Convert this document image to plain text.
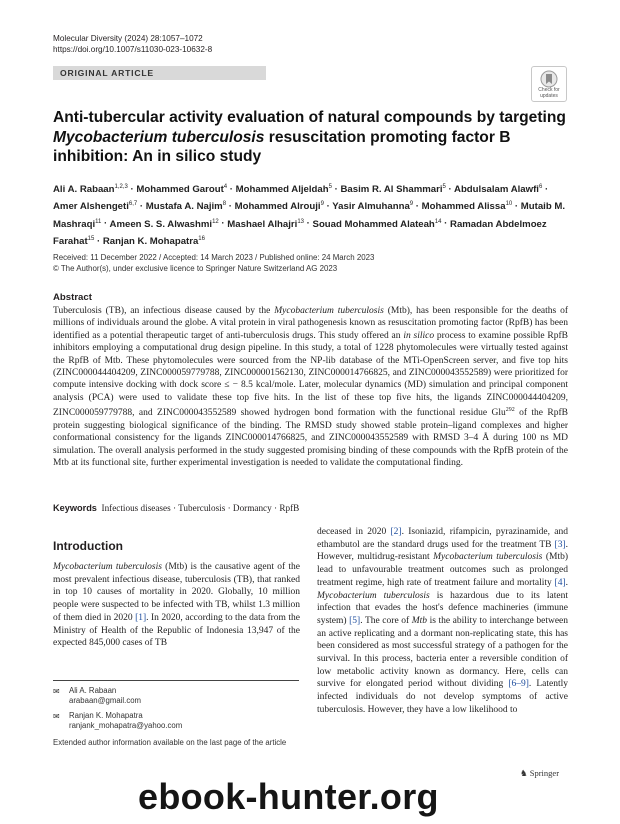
Molecular Diversity (2024) 28:1057–1072
https://doi.org/10.1007/s11030-023-10632-8
ORIGINAL ARTICLE
Check for
updates
Anti-tubercular activity evaluation of natural compounds by targeting Mycobacterium tuberculosis resuscitation promoting factor B inhibition: An in silico study
Ali A. Rabaan$^{1,2,3}$ · Mohammed Garout$^4$ · Mohammed Aljeldah$^5$ · Basim R. Al Shammari$^5$ · Abdulsalam Alawfi$^6$ · Amer Alshengeti$^{6,7}$ · Mustafa A. Najim$^8$ · Mohammed Alrouji$^9$ · Yasir Almuhanna$^9$ · Mohammed Alissa$^{10}$ · Mutaib M. Mashraqi$^{11}$ · Ameen S. S. Alwashmi$^{12}$ · Mashael Alhajri$^{13}$ · Souad Mohammed Alateah$^{14}$ · Ramadan Abdelmoez Farahat$^{15}$ · Ranjan K. Mohapatra$^{16}$
Received: 11 December 2022 / Accepted: 14 March 2023 / Published online: 24 March 2023
© The Author(s), under exclusive licence to Springer Nature Switzerland AG 2023
Abstract
Tuberculosis (TB), an infectious disease caused by the Mycobacterium tuberculosis (Mtb), has been responsible for the deaths of millions of individuals around the globe. A vital protein in viral pathogenesis known as resuscitation promoting factor (RpfB) has been identified as a potential therapeutic target of anti-tuberculosis drugs. This study offered an in silico process to examine possible RpfB inhibitors employing a computational drug design pipeline. In this study, a total of 1228 phytomolecules were virtually tested against the RpfB of Mtb. These phytomolecules were sourced from the NP-lib database of the MTi-OpenScreen server, and five top hits (ZINC000044404209, ZINC000059779788, ZINC000001562130, ZINC000014766825, and ZINC000043552589) were prioritized for compute intensive docking with dock score ≤ − 8.5 kcal/mole. Later, molecular dynamics (MD) simulation and principal component analysis (PCA) were used to validate these top five hits. In the list of these top five hits, the ligands ZINC000044404209, ZINC000059779788, and ZINC000043552589 showed hydrogen bond formation with the functional residue Glu$^{292}$ of the RpfB protein suggesting biological significance of the binding. The RMSD study showed stable protein–ligand complexes and higher conformational consistency for the ligands ZINC000014766825, and ZINC000043552589 with RMSD 3–4 Å during 100 ns MD simulation. The overall analysis performed in the study suggested promising binding of these compounds with the RpfB protein of the Mtb at its functional site, further experimental investigation is needed to validate the computational finding.
Keywords Infectious diseases · Tuberculosis · Dormancy · RpfB
Introduction

Mycobacterium tuberculosis (Mtb) is the causative agent of the most prevalent infectious disease, tuberculosis (TB), that ranked in top 10 causes of mortality in 2020. Globally, 10 million people were suspected to be infected with TB, whilst 1.3 million of them died in 2020 [1]. In 2020, according to the data from the Ministry of Health of the Republic of Indonesia 13,947 of the expected 845,000 cases of TB

deceased in 2020 [2]. Isoniazid, rifampicin, pyrazinamide, and ethambutol are the standard drugs used for the treatment TB [3]. However, multidrug-resistant Mycobacterium tuberculosis (Mtb) lead to unfavourable treatment outcomes such as prolonged treatment regime, high rate of treatment failure and mortality [4]. Mycobacterium tuberculosis is hazardous due to its latent infection that evades the host's defence machineries (immune system) [5]. The core of Mtb is the ability to interchange between an active replicating and a dormant non-replicating state, this has been considered as most successful strategy of a pathogen for the survival. In this process, bacteria enter a reversible condition of low metabolic activity known as dormancy. Here, cells can survive for elongated period without dividing [6–9]. Latently infected individuals do not develop symptoms of active tuberculosis. However, they have a low likelihood to

✉ Ali A. Rabaan
arabaan@gmail.com
✉ Ranjan K. Mohapatra
ranjank_mohapatra@yahoo.com
Extended author information available on the last page of the article
♞ Springer
ebook-hunter.org
